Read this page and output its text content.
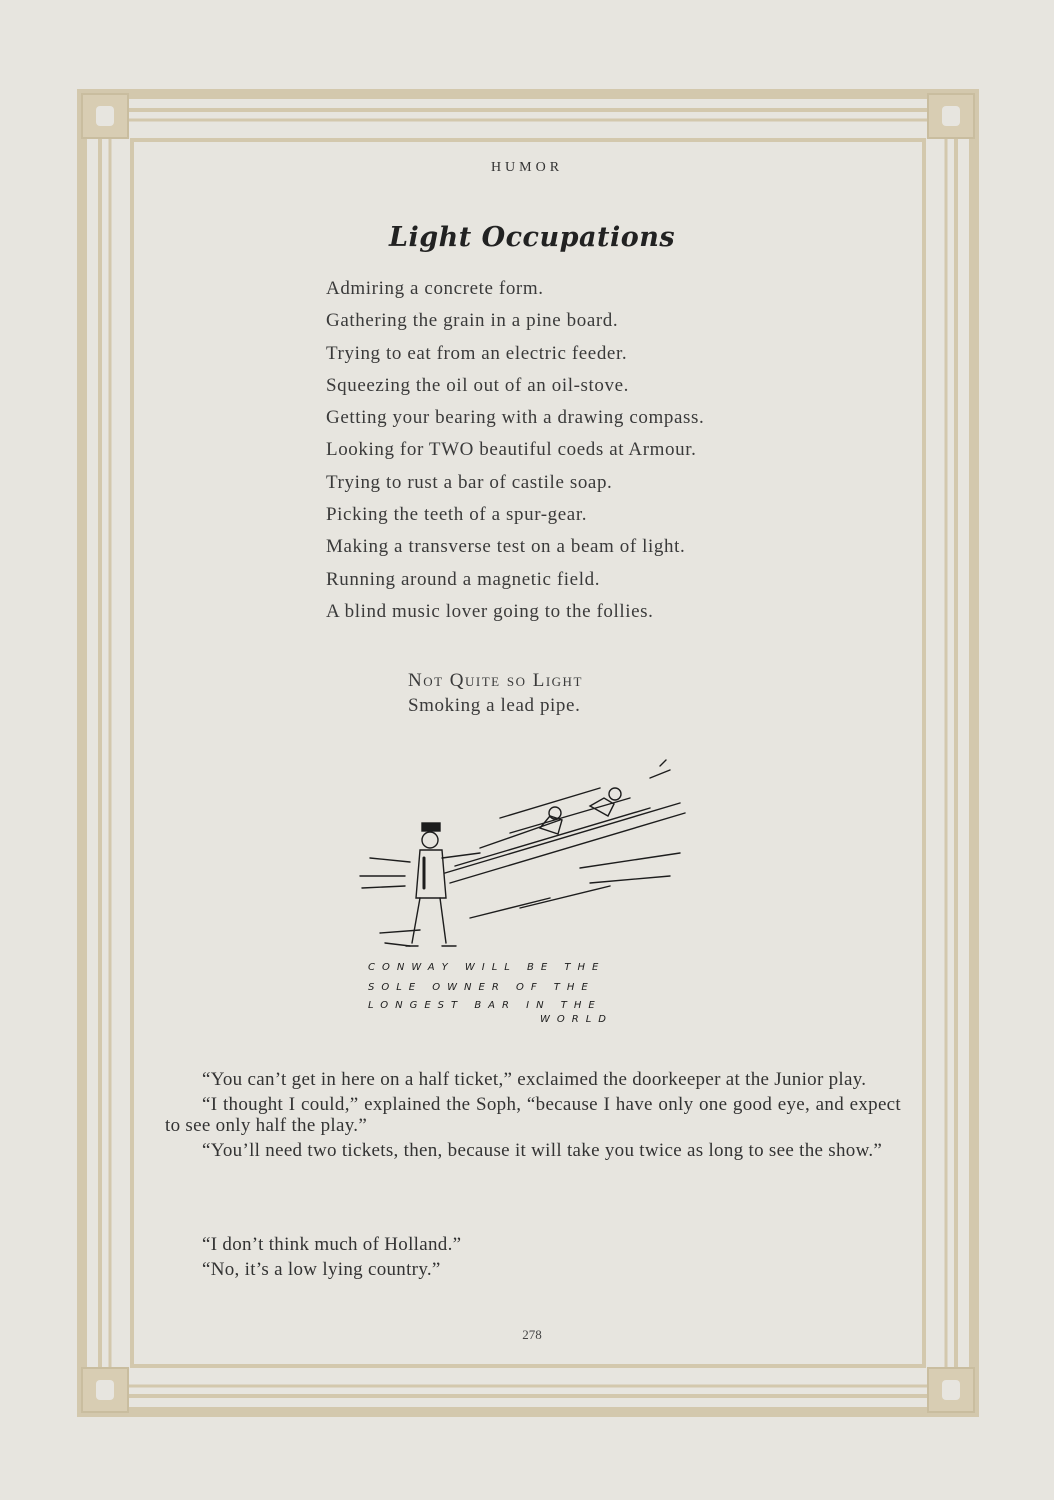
HUMOR
Light Occupations
Admiring a concrete form.
Gathering the grain in a pine board.
Trying to eat from an electric feeder.
Squeezing the oil out of an oil-stove.
Getting your bearing with a drawing compass.
Looking for TWO beautiful coeds at Armour.
Trying to rust a bar of castile soap.
Picking the teeth of a spur-gear.
Making a transverse test on a beam of light.
Running around a magnetic field.
A blind music lover going to the follies.
Not Quite so Light
Smoking a lead pipe.
CONWAY WILL BE THE
SOLE OWNER OF THE
LONGEST BAR IN THE
WORLD

“You can’t get in here on a half ticket,” exclaimed the doorkeeper at the Junior play.

“I thought I could,” explained the Soph, “because I have only one good eye, and expect to see only half the play.”

“You’ll need two tickets, then, because it will take you twice as long to see the show.”

“I don’t think much of Holland.”

“No, it’s a low lying country.”

278
